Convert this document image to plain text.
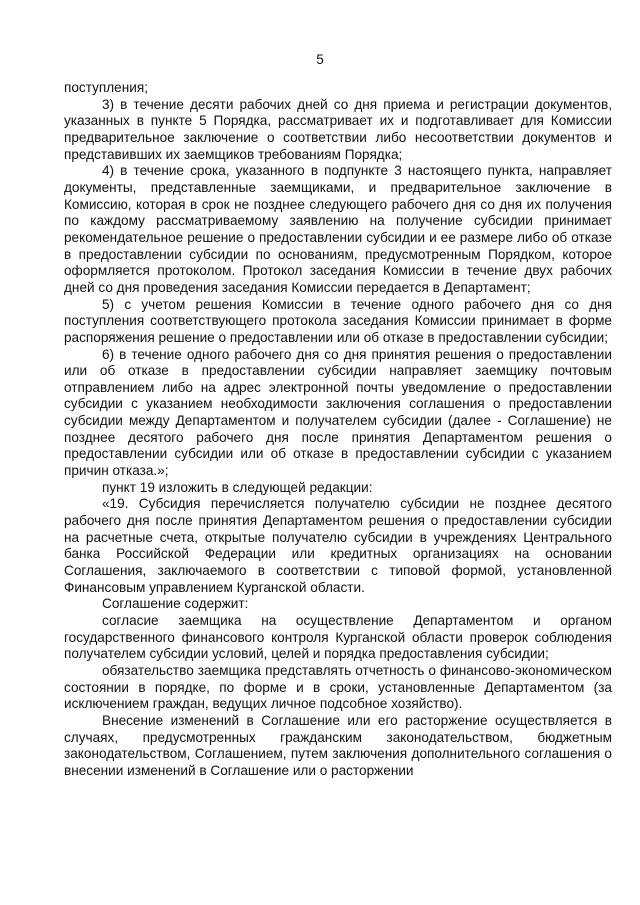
5

поступления;

3) в течение десяти рабочих дней со дня приема и регистрации документов, указанных в пункте 5 Порядка, рассматривает их и подготавливает для Комиссии предварительное заключение о соответствии либо несоответствии документов и представивших их заемщиков требованиям Порядка;

4) в течение срока, указанного в подпункте 3 настоящего пункта, направляет документы, представленные заемщиками, и предварительное заключение в Комиссию, которая в срок не позднее следующего рабочего дня со дня их получения по каждому рассматриваемому заявлению на получение субсидии принимает рекомендательное решение о предоставлении субсидии и ее размере либо об отказе в предоставлении субсидии по основаниям, предусмотренным Порядком, которое оформляется протоколом. Протокол заседания Комиссии в течение двух рабочих дней со дня проведения заседания Комиссии передается в Департамент;

5) с учетом решения Комиссии в течение одного рабочего дня со дня поступления соответствующего протокола заседания Комиссии принимает в форме распоряжения решение о предоставлении или об отказе в предоставлении субсидии;

6) в течение одного рабочего дня со дня принятия решения о предоставлении или об отказе в предоставлении субсидии направляет заемщику почтовым отправлением либо на адрес электронной почты уведомление о предоставлении субсидии с указанием необходимости заключения соглашения о предоставлении субсидии между Департаментом и получателем субсидии (далее - Соглашение) не позднее десятого рабочего дня после принятия Департаментом решения о предоставлении субсидии или об отказе в предоставлении субсидии с указанием причин отказа.»;

пункт 19 изложить в следующей редакции:

«19. Субсидия перечисляется получателю субсидии не позднее десятого рабочего дня после принятия Департаментом решения о предоставлении субсидии на расчетные счета, открытые получателю субсидии в учреждениях Центрального банка Российской Федерации или кредитных организациях на основании Соглашения, заключаемого в соответствии с типовой формой, установленной Финансовым управлением Курганской области.

Соглашение содержит:

согласие заемщика на осуществление Департаментом и органом государственного финансового контроля Курганской области проверок соблюдения получателем субсидии условий, целей и порядка предоставления субсидии;

обязательство заемщика представлять отчетность о финансово-экономическом состоянии в порядке, по форме и в сроки, установленные Департаментом (за исключением граждан, ведущих личное подсобное хозяйство).

Внесение изменений в Соглашение или его расторжение осуществляется в случаях, предусмотренных гражданским законодательством, бюджетным законодательством, Соглашением, путем заключения дополнительного соглашения о внесении изменений в Соглашение или о расторжении
